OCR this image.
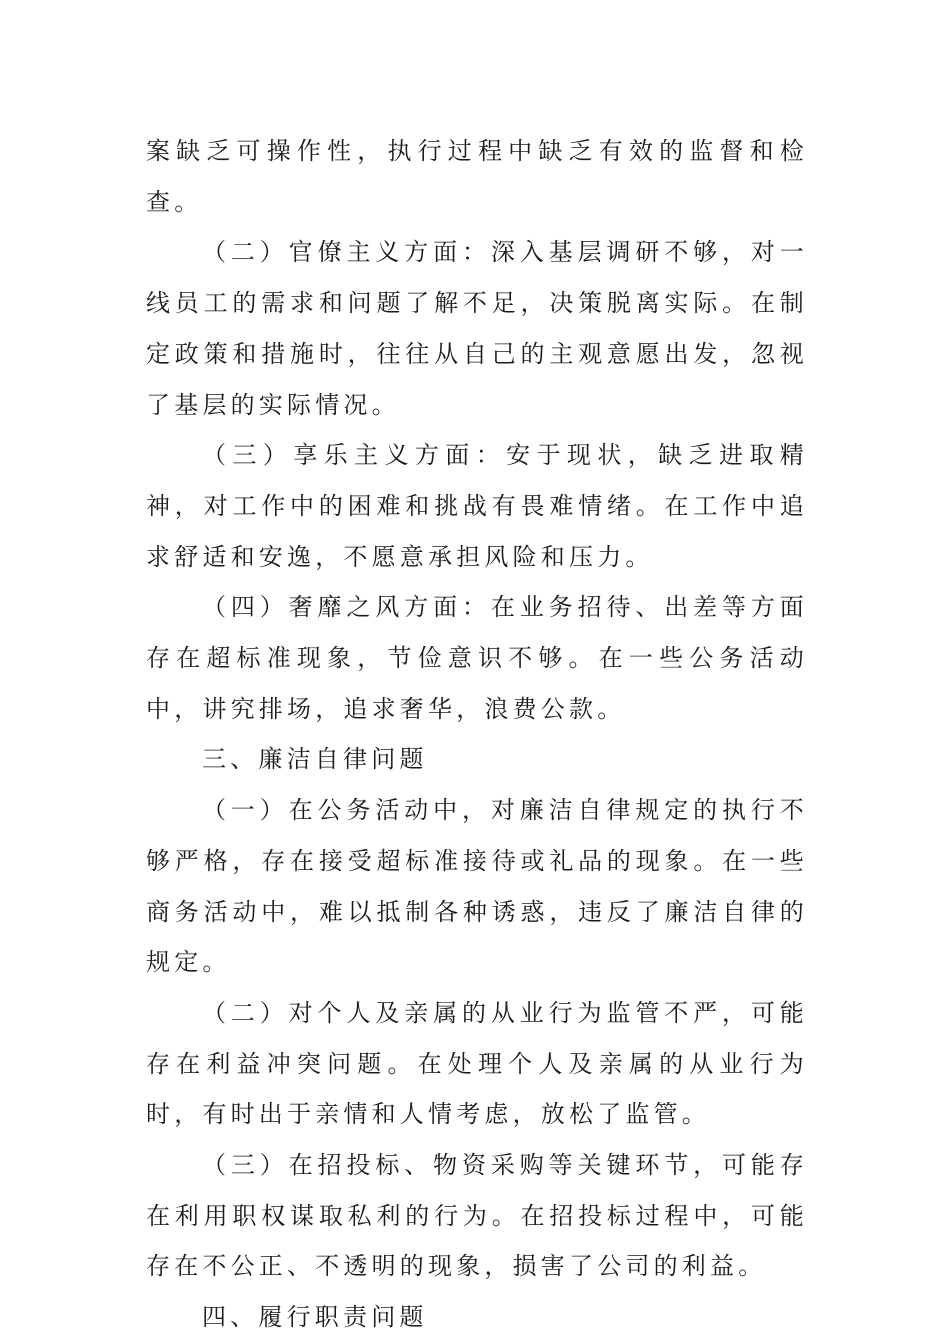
案缺乏可操作性，执行过程中缺乏有效的监督和检查。

（二）官僚主义方面：深入基层调研不够，对一线员工的需求和问题了解不足，决策脱离实际。在制定政策和措施时，往往从自己的主观意愿出发，忽视了基层的实际情况。

（三）享乐主义方面：安于现状，缺乏进取精神，对工作中的困难和挑战有畏难情绪。在工作中追求舒适和安逸，不愿意承担风险和压力。

（四）奢靡之风方面：在业务招待、出差等方面存在超标准现象，节俭意识不够。在一些公务活动中，讲究排场，追求奢华，浪费公款。

三、廉洁自律问题

（一）在公务活动中，对廉洁自律规定的执行不够严格，存在接受超标准接待或礼品的现象。在一些商务活动中，难以抵制各种诱惑，违反了廉洁自律的规定。

（二）对个人及亲属的从业行为监管不严，可能存在利益冲突问题。在处理个人及亲属的从业行为时，有时出于亲情和人情考虑，放松了监管。

（三）在招投标、物资采购等关键环节，可能存在利用职权谋取私利的行为。在招投标过程中，可能存在不公正、不透明的现象，损害了公司的利益。

四、履行职责问题
